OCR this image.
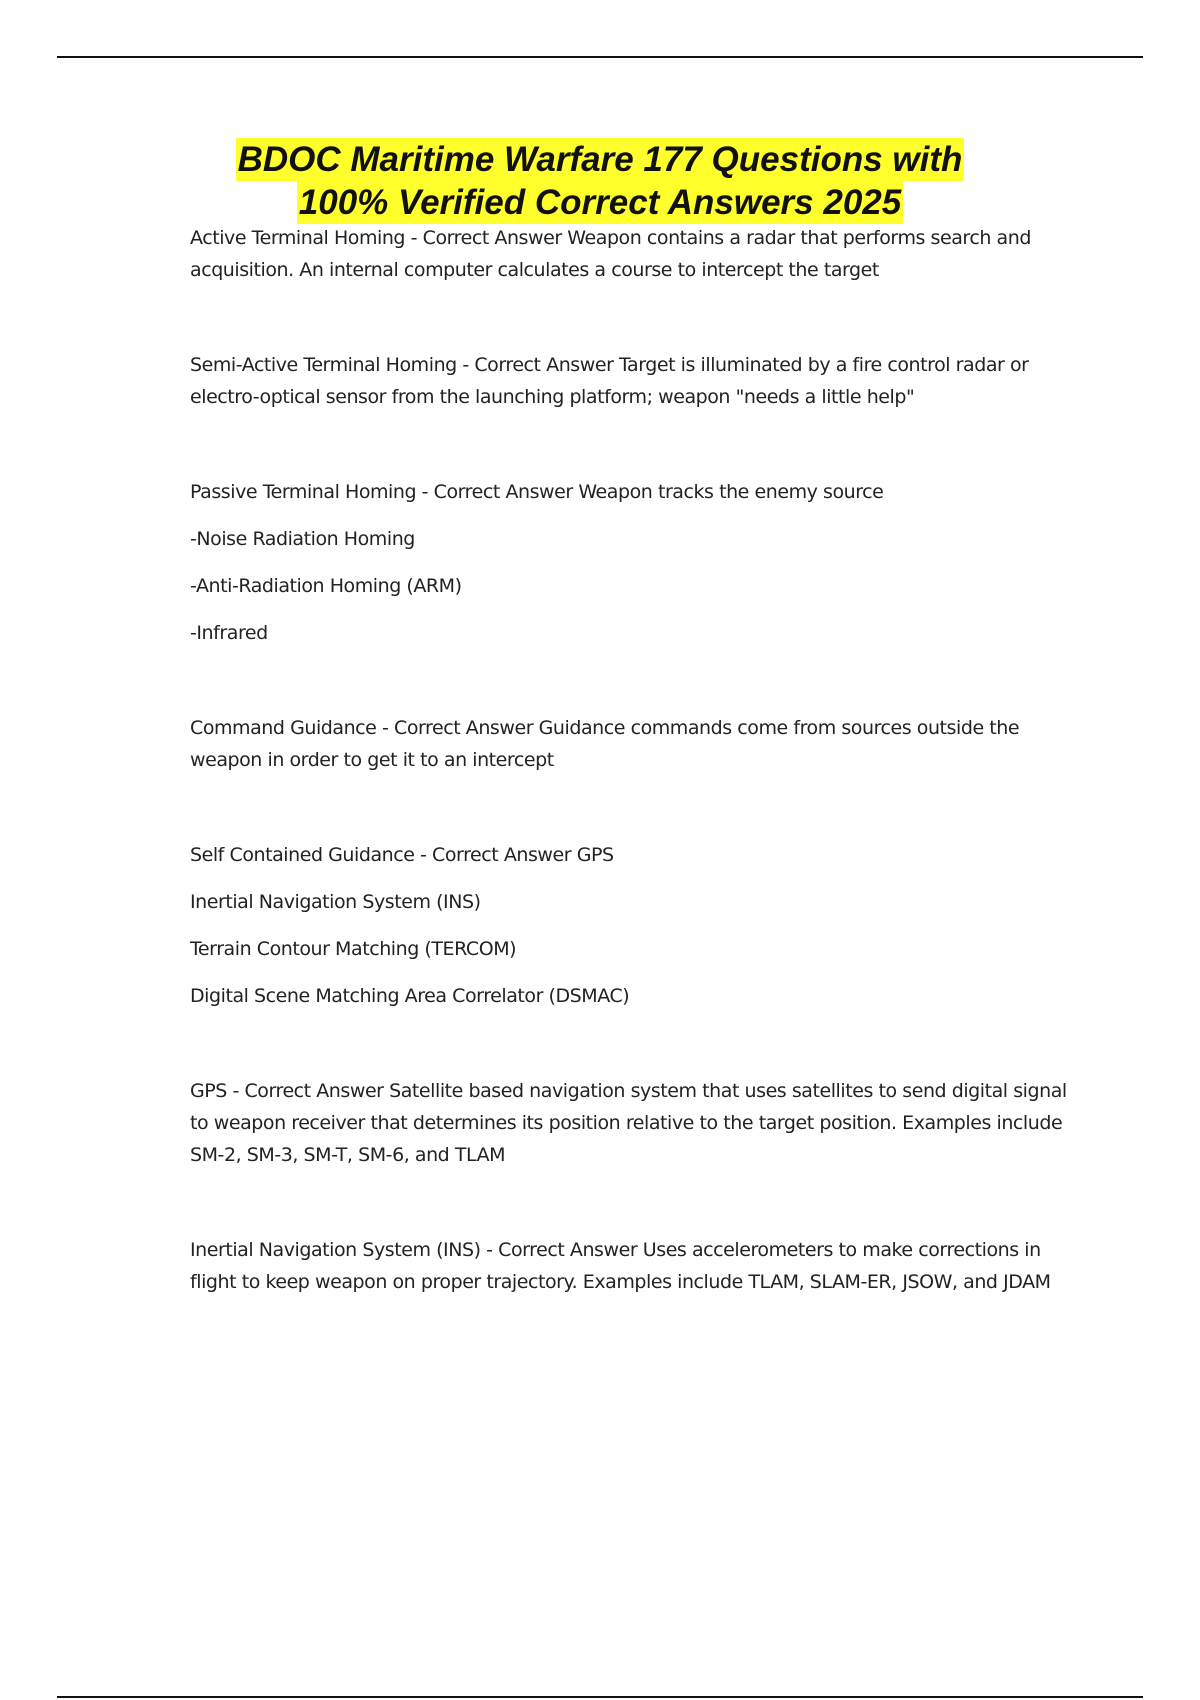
BDOC Maritime Warfare 177 Questions with
100% Verified Correct Answers 2025

Active Terminal Homing - Correct Answer Weapon contains a radar that performs search and acquisition. An internal computer calculates a course to intercept the target

Semi-Active Terminal Homing - Correct Answer Target is illuminated by a fire control radar or electro-optical sensor from the launching platform; weapon "needs a little help"

Passive Terminal Homing - Correct Answer Weapon tracks the enemy source

-Noise Radiation Homing

-Anti-Radiation Homing (ARM)

-Infrared

Command Guidance - Correct Answer Guidance commands come from sources outside the weapon in order to get it to an intercept

Self Contained Guidance - Correct Answer GPS

Inertial Navigation System (INS)

Terrain Contour Matching (TERCOM)

Digital Scene Matching Area Correlator (DSMAC)

GPS - Correct Answer Satellite based navigation system that uses satellites to send digital signal to weapon receiver that determines its position relative to the target position. Examples include SM-2, SM-3, SM-T, SM-6, and TLAM

Inertial Navigation System (INS) - Correct Answer Uses accelerometers to make corrections in flight to keep weapon on proper trajectory. Examples include TLAM, SLAM-ER, JSOW, and JDAM
